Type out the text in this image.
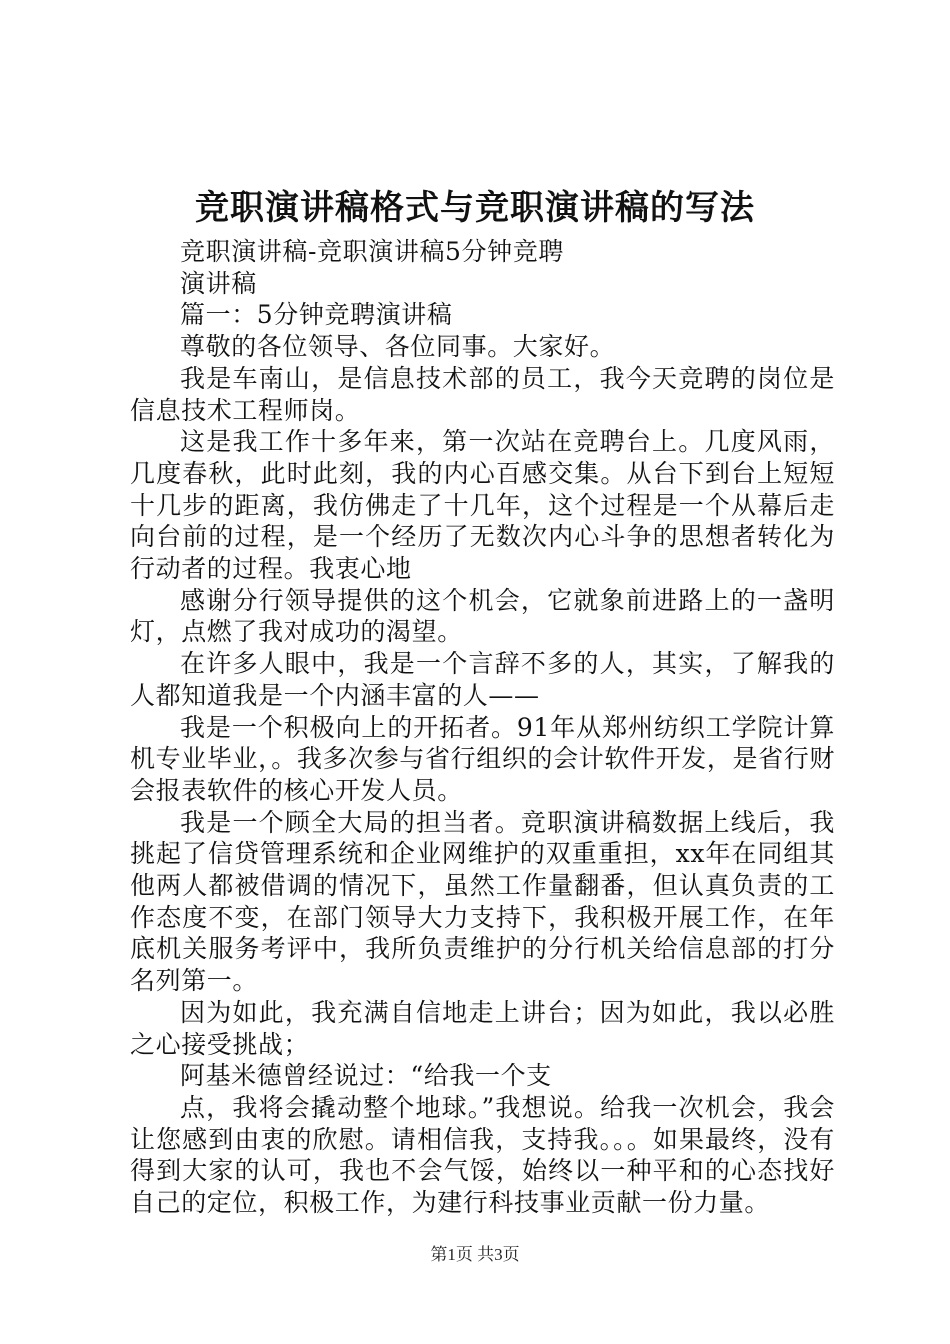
竞职演讲稿格式与竞职演讲稿的写法

竞职演讲稿-竞职演讲稿5分钟竞聘

演讲稿

篇一：5分钟竞聘演讲稿

尊敬的各位领导、各位同事。大家好。

我是车南山，是信息技术部的员工，我今天竞聘的岗位是信息技术工程师岗。

这是我工作十多年来，第一次站在竞聘台上。几度风雨，几度春秋，此时此刻，我的内心百感交集。从台下到台上短短十几步的距离，我仿佛走了十几年，这个过程是一个从幕后走向台前的过程，是一个经历了无数次内心斗争的思想者转化为行动者的过程。我衷心地

感谢分行领导提供的这个机会，它就象前进路上的一盏明灯，点燃了我对成功的渴望。

在许多人眼中，我是一个言辞不多的人，其实，了解我的人都知道我是一个内涵丰富的人——

我是一个积极向上的开拓者。91年从郑州纺织工学院计算机专业毕业，。我多次参与省行组织的会计软件开发，是省行财会报表软件的核心开发人员。

我是一个顾全大局的担当者。竞职演讲稿数据上线后，我挑起了信贷管理系统和企业网维护的双重重担，xx年在同组其他两人都被借调的情况下，虽然工作量翻番，但认真负责的工作态度不变，在部门领导大力支持下，我积极开展工作，在年底机关服务考评中，我所负责维护的分行机关给信息部的打分名列第一。

因为如此，我充满自信地走上讲台；因为如此，我以必胜之心接受挑战；

阿基米德曾经说过：“给我一个支

点，我将会撬动整个地球。”我想说。给我一次机会，我会让您感到由衷的欣慰。请相信我，支持我。。。如果最终，没有得到大家的认可，我也不会气馁，始终以一种平和的心态找好自己的定位，积极工作，为建行科技事业贡献一份力量。

第1页 共3页
